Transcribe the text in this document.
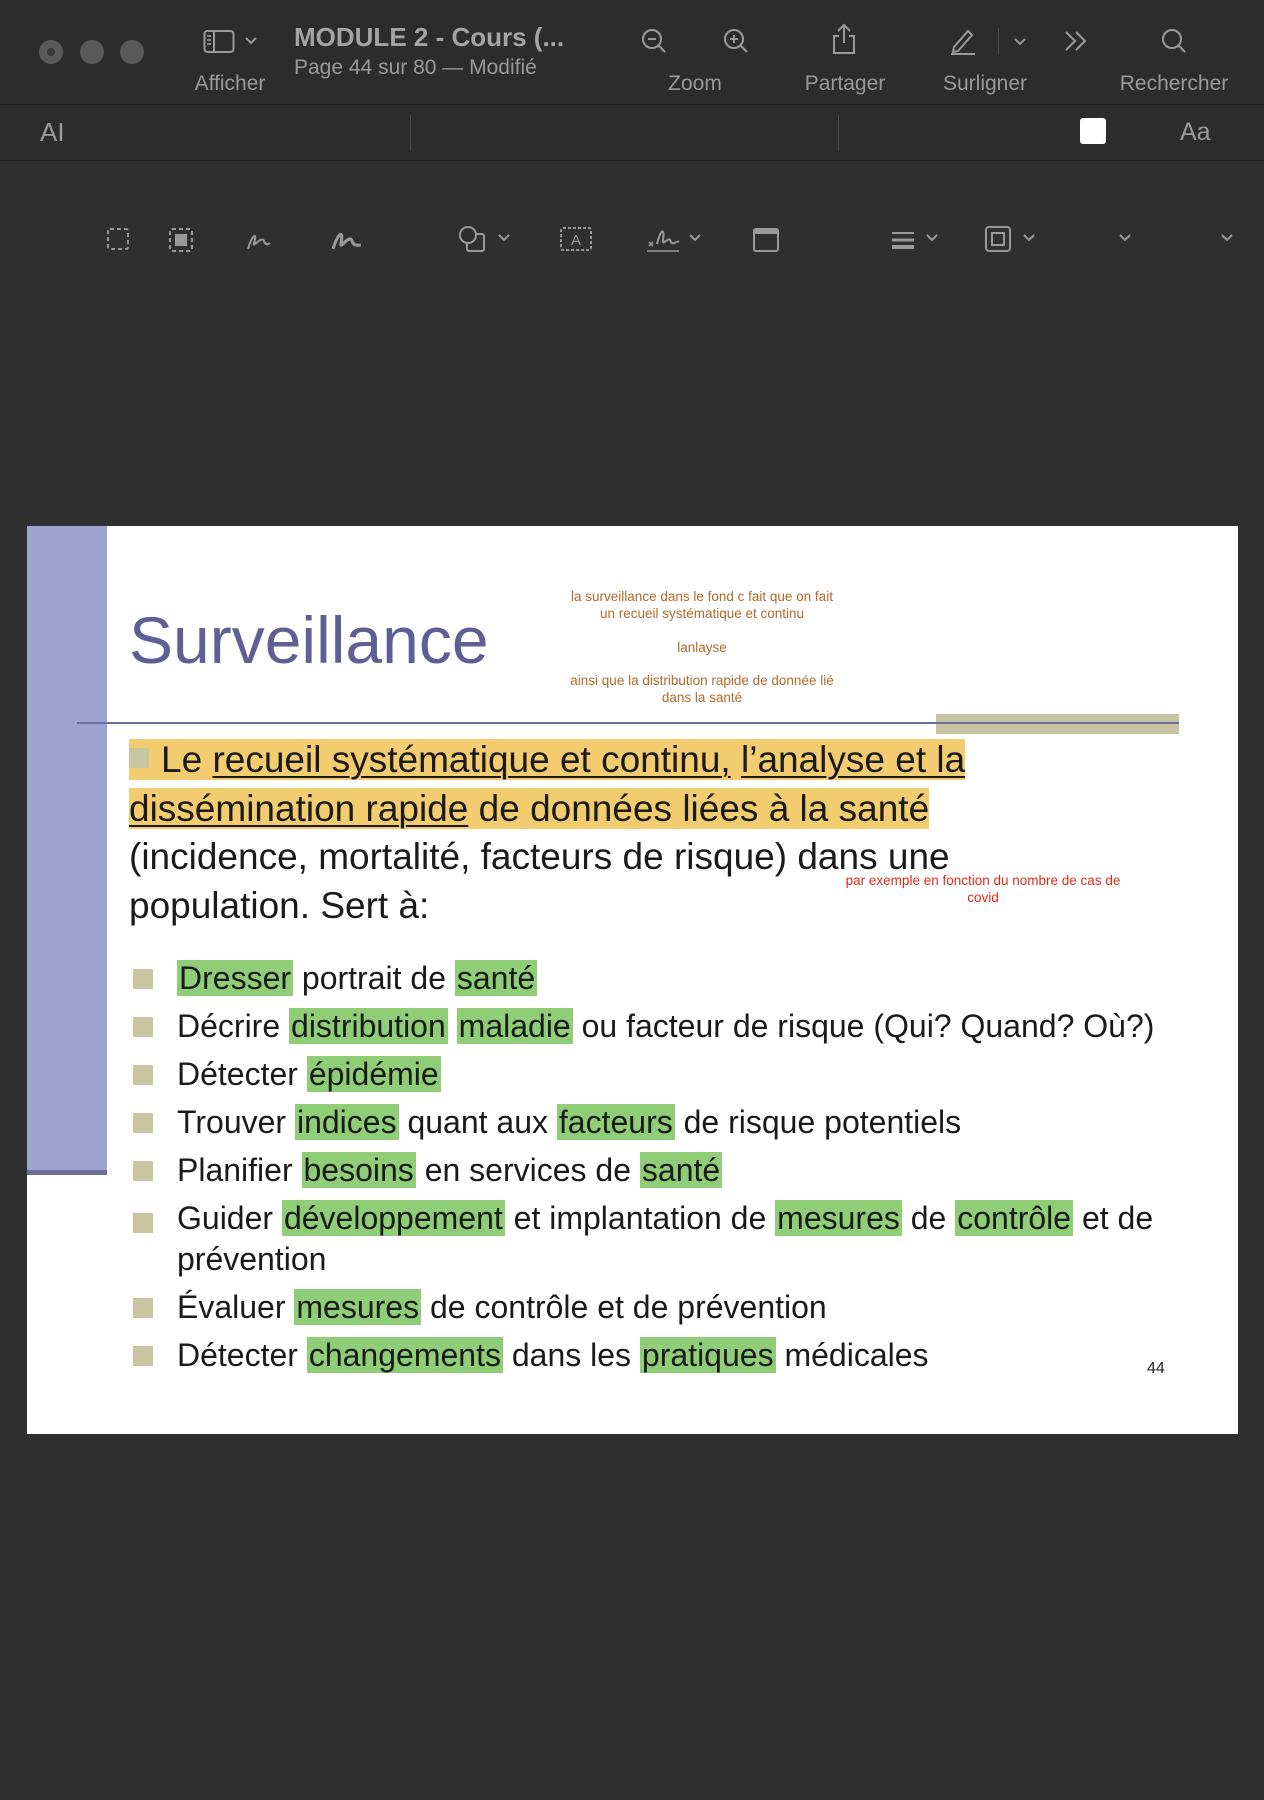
Afficher
MODULE 2 - Cours (...
Page 44 sur 80 — Modifié
Zoom	Partager	Surligner	Rechercher
AI
A
Aa
Surveillance
la surveillance dans le fond c fait que on fait un recueil systématique et continu
lanlayse
ainsi que la distribution rapide de donnée lié dans la santé
Le recueil systématique et continu, l’analyse et la
dissémination rapide de données liées à la santé
(incidence, mortalité, facteurs de risque) dans une population. Sert à:
par exemple en fonction du nombre de cas de covid
Dresser portrait de santé
Décrire distribution maladie ou facteur de risque (Qui? Quand? Où?)
Détecter épidémie
Trouver indices quant aux facteurs de risque potentiels
Planifier besoins en services de santé
Guider développement et implantation de mesures de contrôle et de prévention
Évaluer mesures de contrôle et de prévention
Détecter changements dans les pratiques médicales	44
